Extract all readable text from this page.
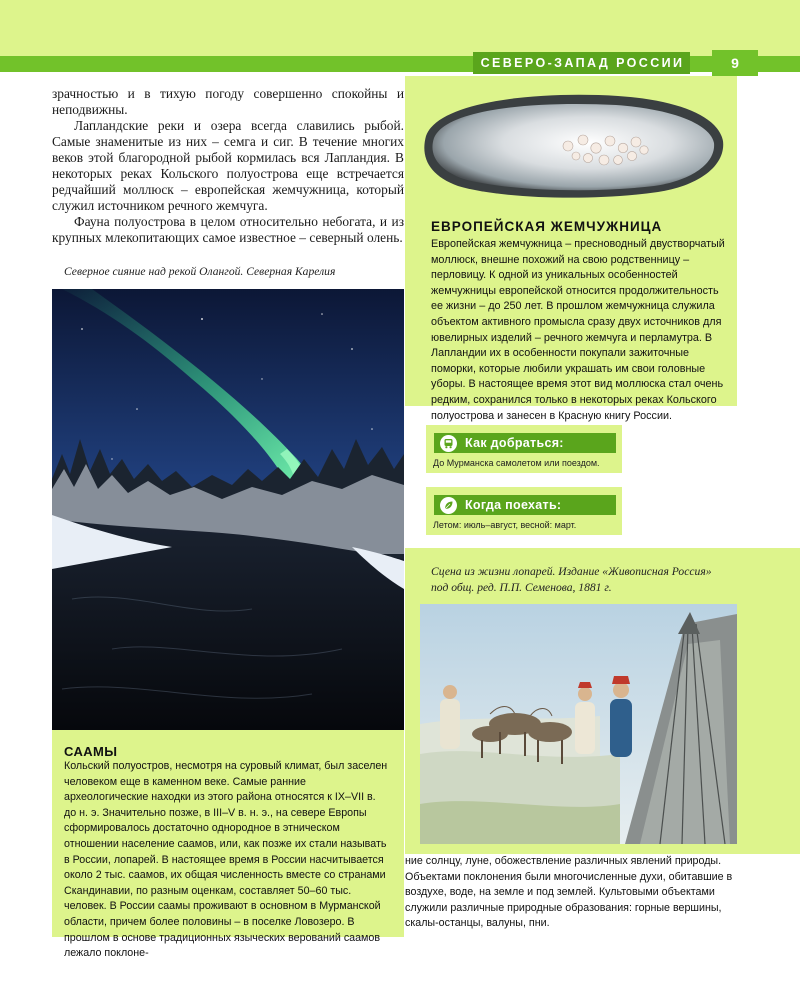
СЕВЕРО-ЗАПАД РОССИИ	9

зрачностью и в тихую погоду совершенно спокойны и неподвижны.

Лапландские реки и озера всегда славились рыбой. Самые знаменитые из них – семга и сиг. В течение многих веков этой благородной рыбой кормилась вся Лапландия. В некоторых реках Кольского полуострова еще встречается редчайший моллюск – европейская жемчужница, который служил источником речного жемчуга.

Фауна полуострова в целом относительно небогата, и из крупных млекопитающих самое известное – северный олень.

Северное сияние над рекой Олангой. Северная Карелия
ЕВРОПЕЙСКАЯ ЖЕМЧУЖНИЦА

Европейская жемчужница – пресноводный двустворчатый моллюск, внешне похожий на свою родственницу – перловицу. К одной из уникальных особенностей жемчужницы европейской относится продолжительность ее жизни – до 250 лет. В прошлом жемчужница служила объектом активного промысла сразу двух источников для ювелирных изделий – речного жемчуга и перламутра. В Лапландии их в особенности покупали зажиточные поморки, которые любили украшать им свои головные уборы. В настоящее время этот вид моллюска стал очень редким, сохранился только в некоторых реках Кольского полуострова и занесен в Красную книгу России.

Как добраться:
До Мурманска самолетом или поездом.
Когда поехать:
Летом: июль–август, весной: март.
Сцена из жизни лопарей. Издание «Живописная Россия» под общ. ред. П.П. Семенова, 1881 г.
СААМЫ

Кольский полуостров, несмотря на суровый климат, был заселен человеком еще в каменном веке. Самые ранние археологические находки из этого района относятся к IX–VII в. до н. э. Значительно позже, в III–V в. н. э., на севере Европы сформировалось достаточно однородное в этническом отношении население саамов, или, как позже их стали называть в России, лопарей. В настоящее время в России насчитывается около 2 тыс. саамов, их общая численность вместе со странами Скандинавии, по разным оценкам, составляет 50–60 тыс. человек. В России саамы проживают в основном в Мурманской области, причем более половины – в поселке Ловозеро. В прошлом в основе традиционных языческих верований саамов лежало поклоне-

ние солнцу, луне, обожествление различных явлений природы. Объектами поклонения были многочисленные духи, обитавшие в воздухе, воде, на земле и под землей. Культовыми объектами служили различные природные образования: горные вершины, скалы-останцы, валуны, пни.
